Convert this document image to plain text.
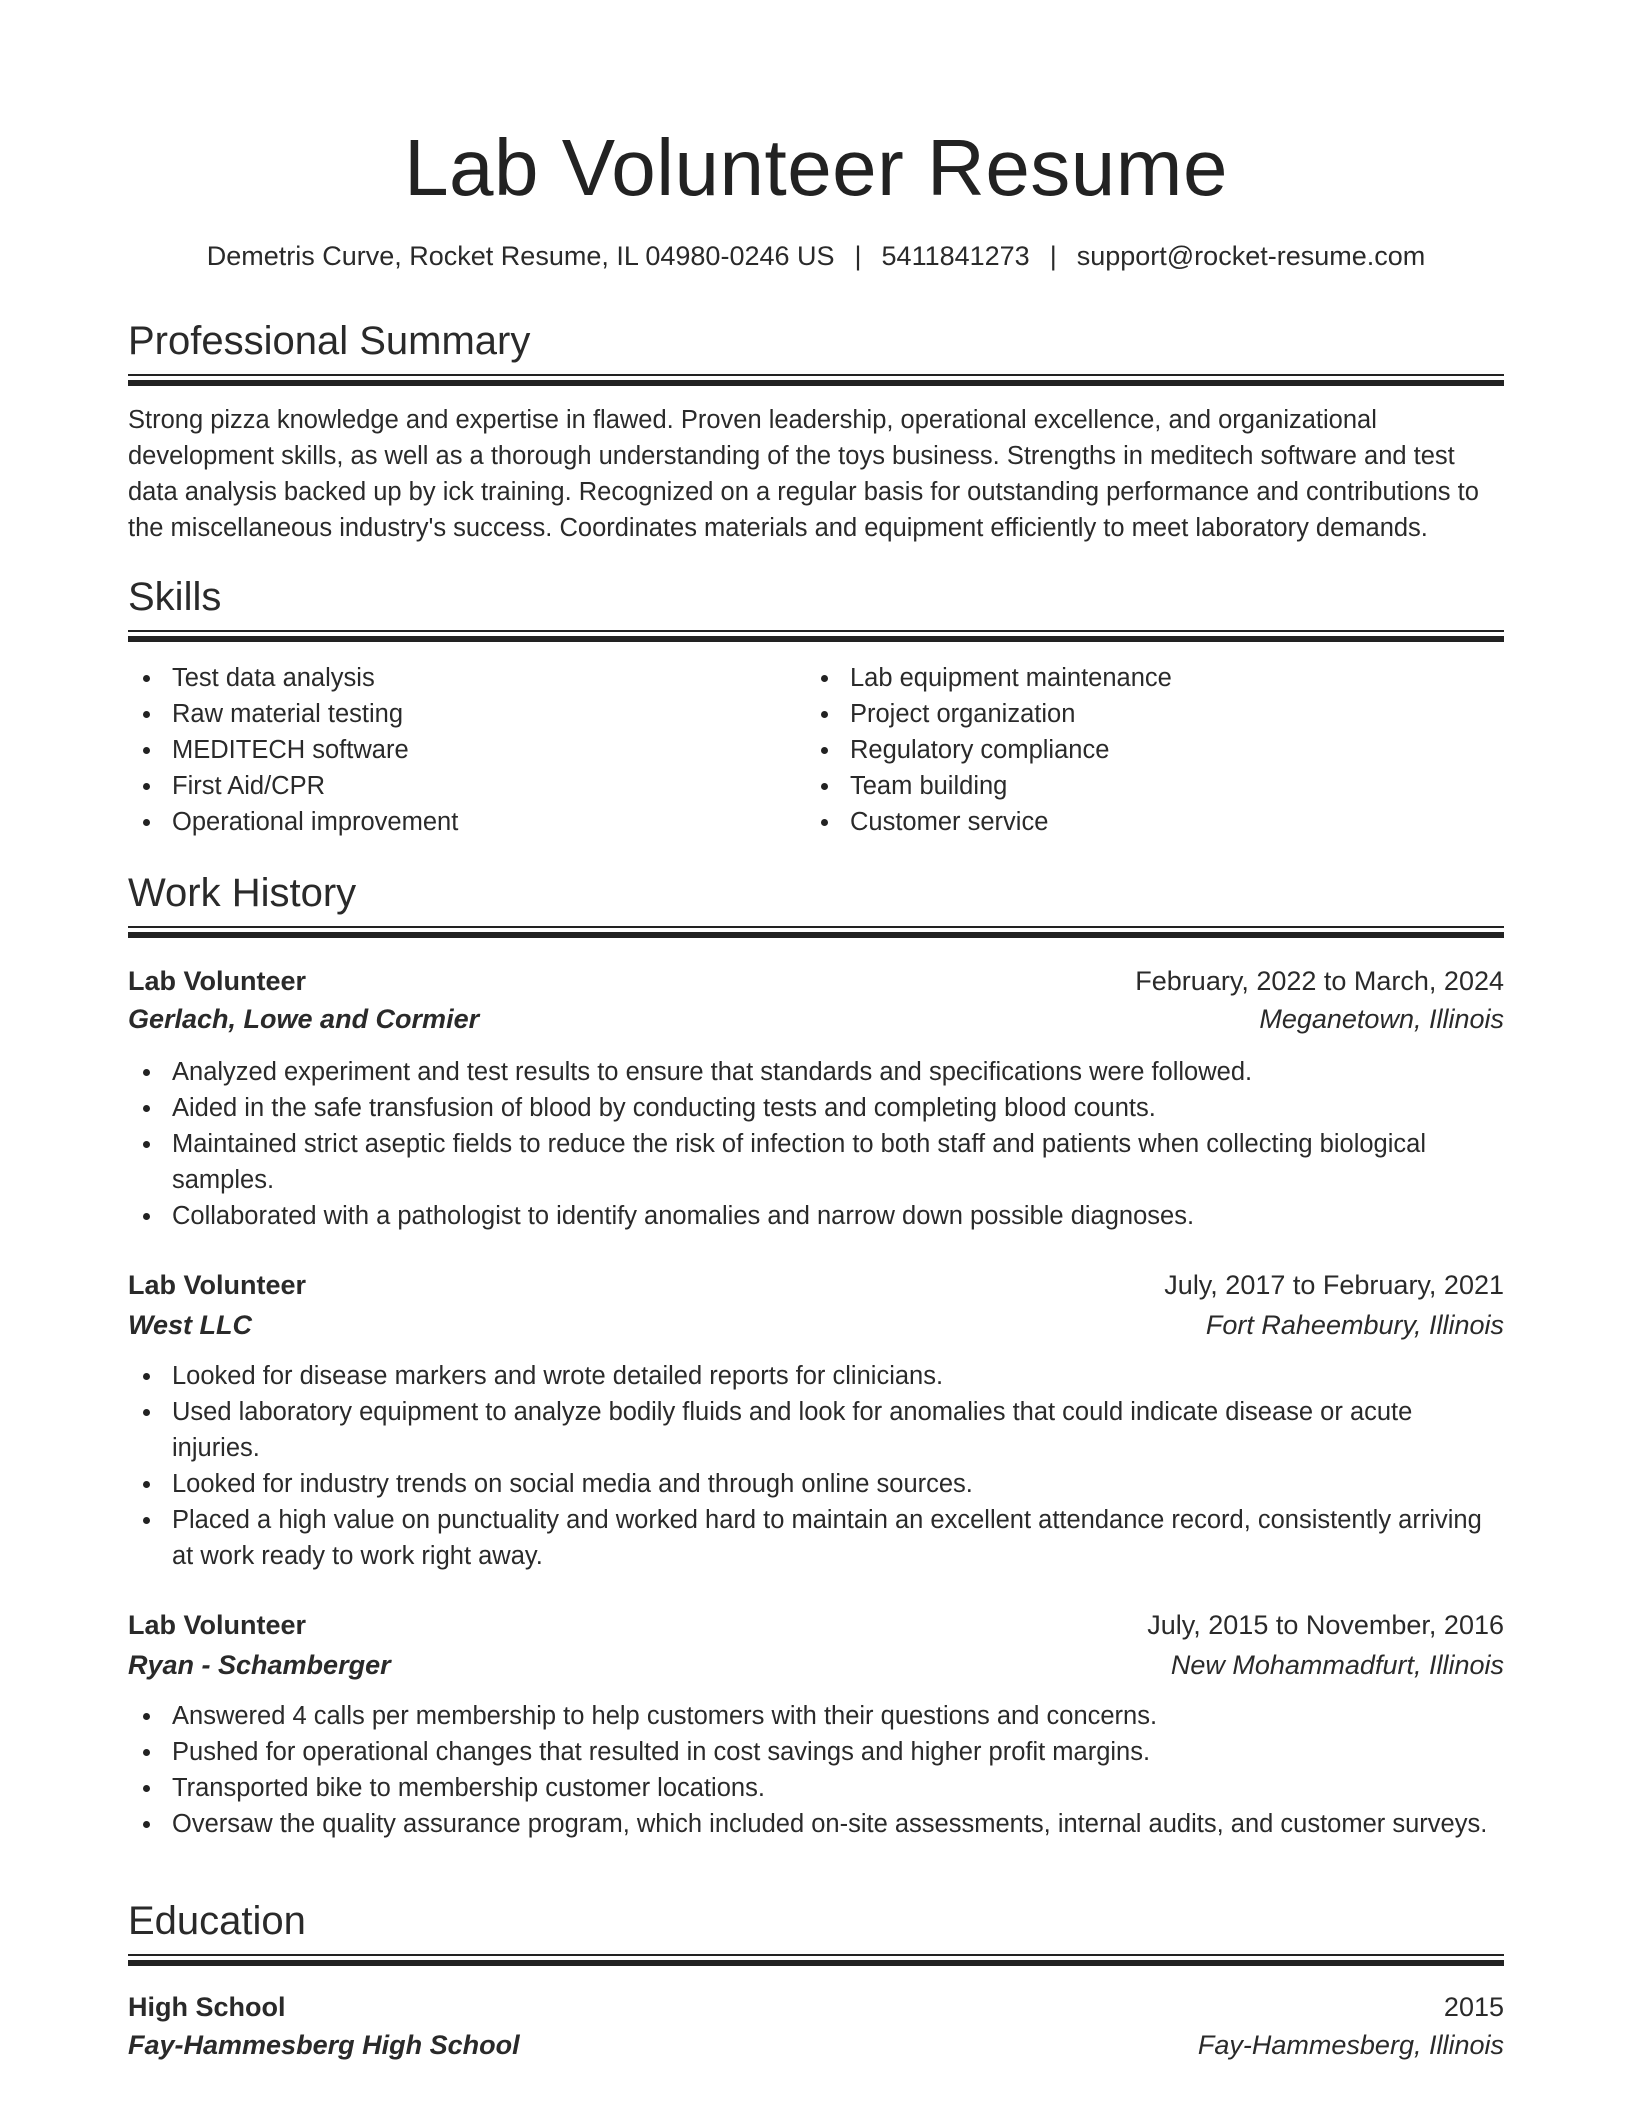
Lab Volunteer Resume
Demetris Curve, Rocket Resume, IL 04980-0246 US | 5411841273 | support@rocket-resume.com
Professional Summary
Strong pizza knowledge and expertise in flawed. Proven leadership, operational excellence, and organizational development skills, as well as a thorough understanding of the toys business. Strengths in meditech software and test data analysis backed up by ick training. Recognized on a regular basis for outstanding performance and contributions to the miscellaneous industry's success. Coordinates materials and equipment efficiently to meet laboratory demands.
Skills
Test data analysis
Raw material testing
MEDITECH software
First Aid/CPR
Operational improvement
Lab equipment maintenance
Project organization
Regulatory compliance
Team building
Customer service
Work History
Lab Volunteer	February, 2022 to March, 2024
Gerlach, Lowe and Cormier	Meganetown, Illinois
Analyzed experiment and test results to ensure that standards and specifications were followed.
Aided in the safe transfusion of blood by conducting tests and completing blood counts.
Maintained strict aseptic fields to reduce the risk of infection to both staff and patients when collecting biological samples.
Collaborated with a pathologist to identify anomalies and narrow down possible diagnoses.
Lab Volunteer	July, 2017 to February, 2021
West LLC	Fort Raheembury, Illinois
Looked for disease markers and wrote detailed reports for clinicians.
Used laboratory equipment to analyze bodily fluids and look for anomalies that could indicate disease or acute injuries.
Looked for industry trends on social media and through online sources.
Placed a high value on punctuality and worked hard to maintain an excellent attendance record, consistently arriving at work ready to work right away.
Lab Volunteer	July, 2015 to November, 2016
Ryan - Schamberger	New Mohammadfurt, Illinois
Answered 4 calls per membership to help customers with their questions and concerns.
Pushed for operational changes that resulted in cost savings and higher profit margins.
Transported bike to membership customer locations.
Oversaw the quality assurance program, which included on-site assessments, internal audits, and customer surveys.
Education
High School	2015
Fay-Hammesberg High School	Fay-Hammesberg, Illinois
